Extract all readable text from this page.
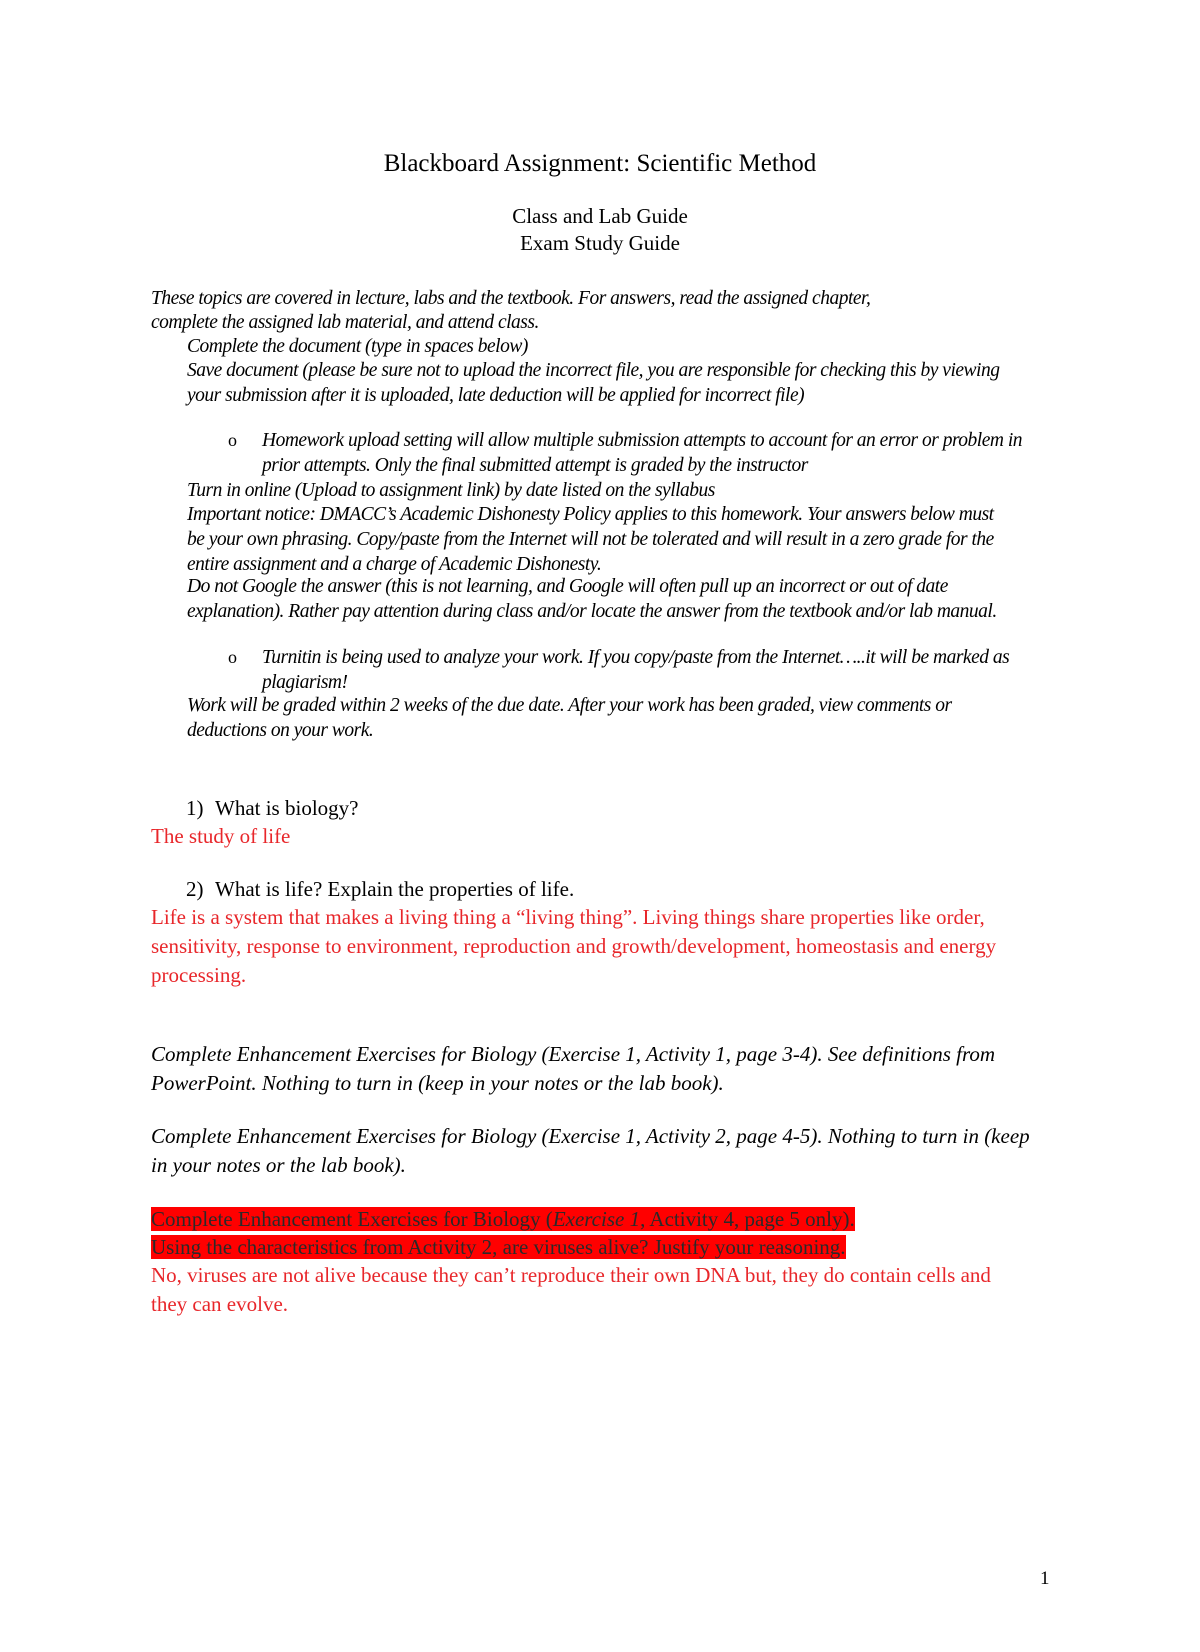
Blackboard Assignment: Scientific Method
Class and Lab Guide
Exam Study Guide
These topics are covered in lecture, labs and the textbook. For answers, read the assigned chapter,
complete the assigned lab material, and attend class.
Complete the document (type in spaces below)
Save document (please be sure not to upload the incorrect file, you are responsible for checking this by viewing your submission after it is uploaded, late deduction will be applied for incorrect file)
o Homework upload setting will allow multiple submission attempts to account for an error or problem in prior attempts. Only the final submitted attempt is graded by the instructor
Turn in online (Upload to assignment link) by date listed on the syllabus
Important notice: DMACC’s Academic Dishonesty Policy applies to this homework. Your answers below must be your own phrasing. Copy/paste from the Internet will not be tolerated and will result in a zero grade for the entire assignment and a charge of Academic Dishonesty.
Do not Google the answer (this is not learning, and Google will often pull up an incorrect or out of date explanation). Rather pay attention during class and/or locate the answer from the textbook and/or lab manual.
o Turnitin is being used to analyze your work. If you copy/paste from the Internet…..it will be marked as plagiarism!
Work will be graded within 2 weeks of the due date. After your work has been graded, view comments or deductions on your work.
1) What is biology?
The study of life
2) What is life? Explain the properties of life.
Life is a system that makes a living thing a “living thing”. Living things share properties like order, sensitivity, response to environment, reproduction and growth/development, homeostasis and energy processing.
Complete Enhancement Exercises for Biology (Exercise 1, Activity 1, page 3-4). See definitions from PowerPoint. Nothing to turn in (keep in your notes or the lab book).
Complete Enhancement Exercises for Biology (Exercise 1, Activity 2, page 4-5). Nothing to turn in (keep in your notes or the lab book).
Complete Enhancement Exercises for Biology (Exercise 1, Activity 4, page 5 only).
Using the characteristics from Activity 2, are viruses alive? Justify your reasoning.
No, viruses are not alive because they can’t reproduce their own DNA but, they do contain cells and they can evolve.
1
